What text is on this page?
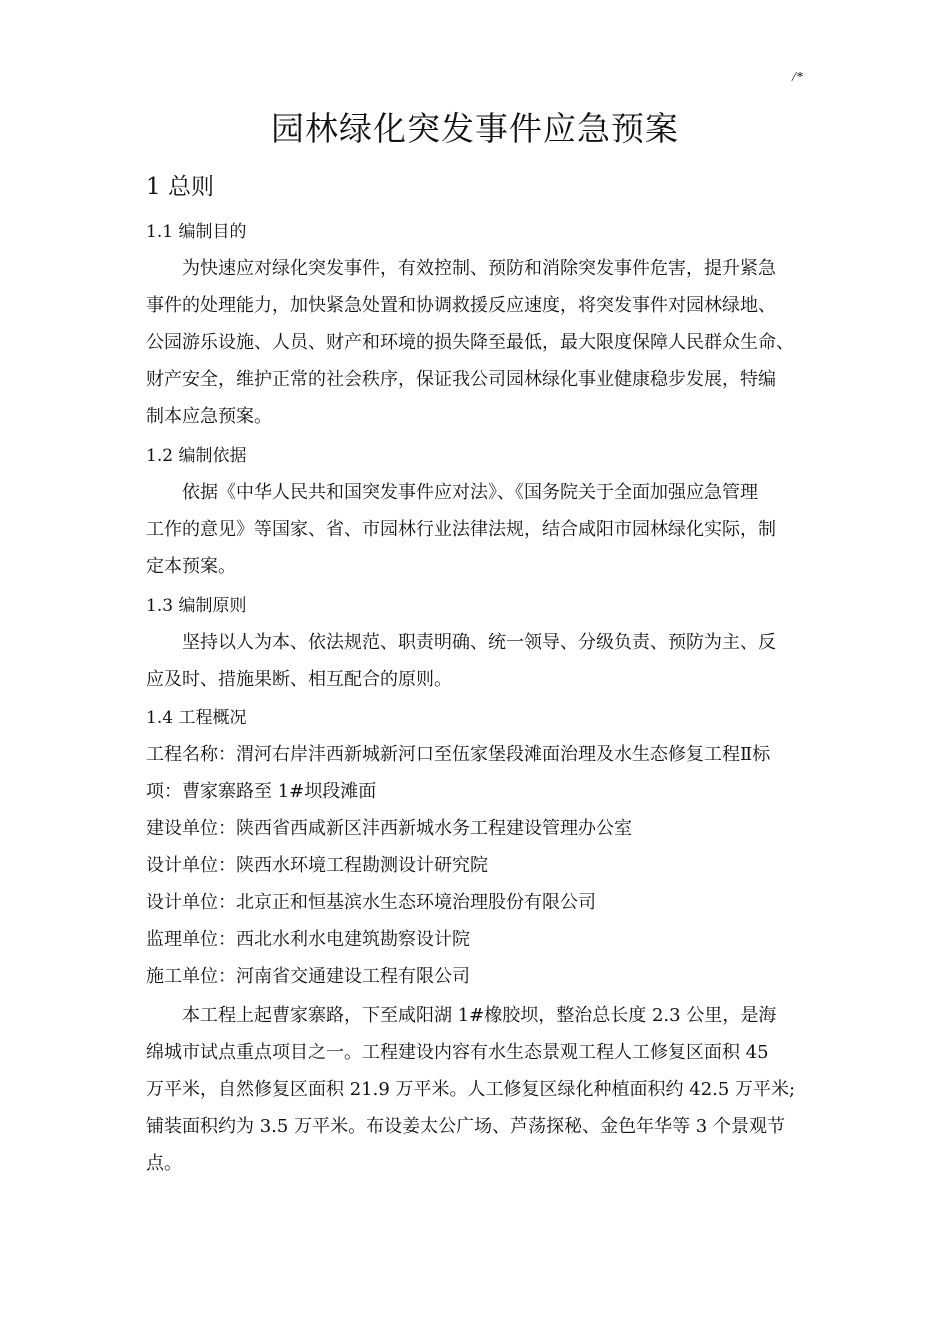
/*
园林绿化突发事件应急预案
1 总则
1.1 编制目的
为快速应对绿化突发事件，有效控制、预防和消除突发事件危害，提升紧急
事件的处理能力，加快紧急处置和协调救援反应速度，将突发事件对园林绿地、
公园游乐设施、人员、财产和环境的损失降至最低，最大限度保障人民群众生命、
财产安全，维护正常的社会秩序，保证我公司园林绿化事业健康稳步发展，特编
制本应急预案。
1.2 编制依据
依据《中华人民共和国突发事件应对法》、《国务院关于全面加强应急管理
工作的意见》等国家、省、市园林行业法律法规，结合咸阳市园林绿化实际，制
定本预案。
1.3 编制原则
坚持以人为本、依法规范、职责明确、统一领导、分级负责、预防为主、反
应及时、措施果断、相互配合的原则。
1.4 工程概况
工程名称：渭河右岸沣西新城新河口至伍家堡段滩面治理及水生态修复工程Ⅱ标
项：曹家寨路至 1#坝段滩面
建设单位：陕西省西咸新区沣西新城水务工程建设管理办公室
设计单位：陕西水环境工程勘测设计研究院
设计单位：北京正和恒基滨水生态环境治理股份有限公司
监理单位：西北水利水电建筑勘察设计院
施工单位：河南省交通建设工程有限公司
本工程上起曹家寨路，下至咸阳湖 1#橡胶坝，整治总长度 2.3 公里，是海
绵城市试点重点项目之一。工程建设内容有水生态景观工程人工修复区面积 45
万平米，自然修复区面积 21.9 万平米。人工修复区绿化种植面积约 42.5 万平米;
铺装面积约为 3.5 万平米。布设姜太公广场、芦荡探秘、金色年华等 3 个景观节
点。
